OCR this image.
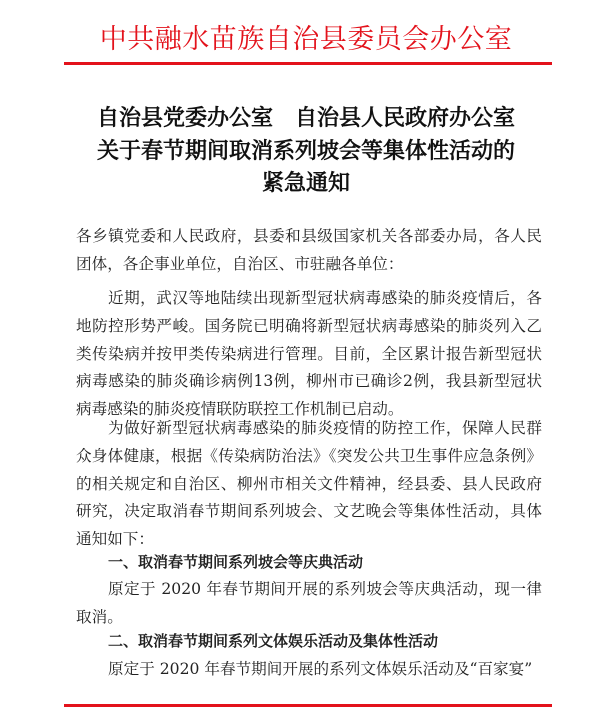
中共融水苗族自治县委员会办公室
自治县党委办公室　自治县人民政府办公室
关于春节期间取消系列坡会等集体性活动的
紧急通知
各乡镇党委和人民政府，县委和县级国家机关各部委办局，各人民团体，各企事业单位，自治区、市驻融各单位：
近期，武汉等地陆续出现新型冠状病毒感染的肺炎疫情后，各地防控形势严峻。国务院已明确将新型冠状病毒感染的肺炎列入乙类传染病并按甲类传染病进行管理。目前，全区累计报告新型冠状病毒感染的肺炎确诊病例13例，柳州市已确诊2例，我县新型冠状病毒感染的肺炎疫情联防联控工作机制已启动。
为做好新型冠状病毒感染的肺炎疫情的防控工作，保障人民群众身体健康，根据《传染病防治法》《突发公共卫生事件应急条例》的相关规定和自治区、柳州市相关文件精神，经县委、县人民政府研究，决定取消春节期间系列坡会、文艺晚会等集体性活动，具体通知如下：
一、取消春节期间系列坡会等庆典活动
原定于 2020 年春节期间开展的系列坡会等庆典活动，现一律取消。
二、取消春节期间系列文体娱乐活动及集体性活动
原定于 2020 年春节期间开展的系列文体娱乐活动及“百家宴”
